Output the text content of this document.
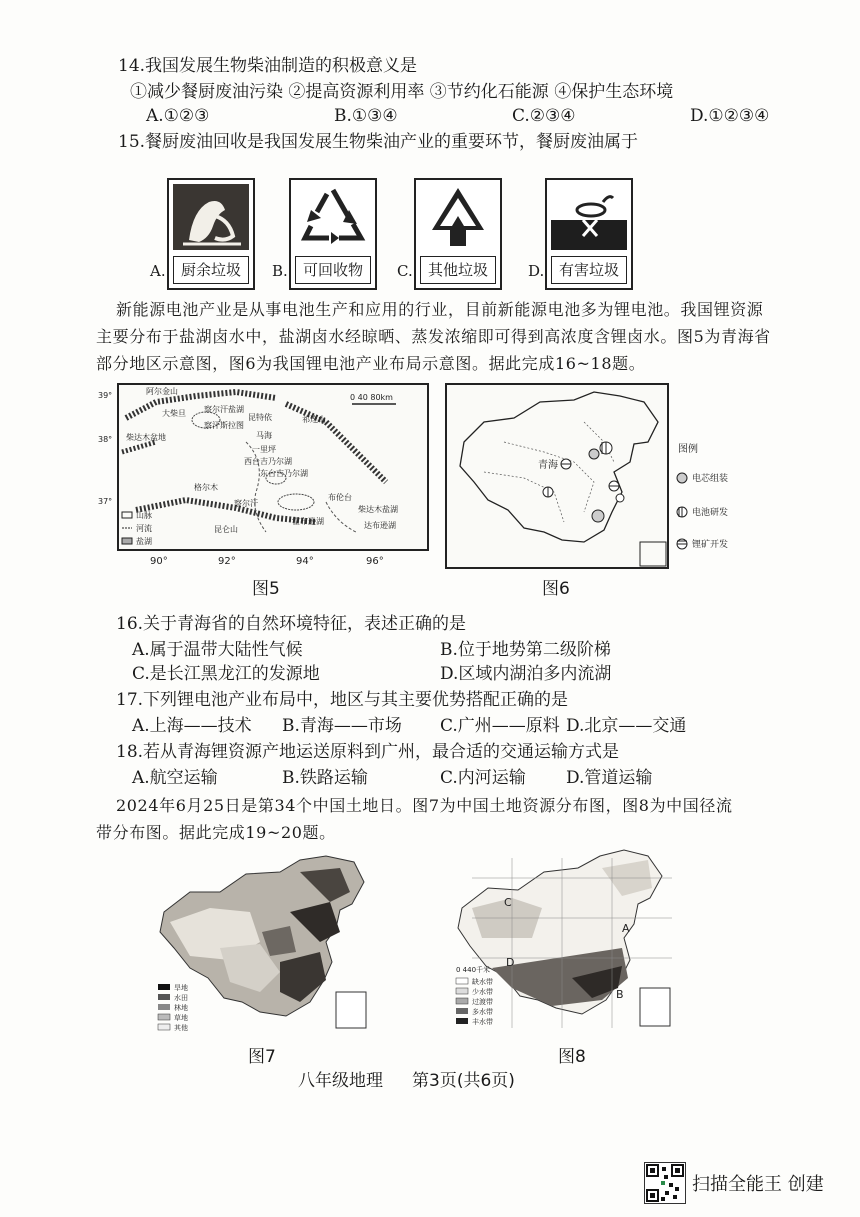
14.我国发展生物柴油制造的积极意义是
①减少餐厨废油污染 ②提高资源利用率 ③节约化石能源 ④保护生态环境
A.①②③	B.①③④	C.②③④	D.①②③④
15.餐厨废油回收是我国发展生物柴油产业的重要环节，餐厨废油属于
A.	厨余垃圾	B.	可回收物	C.	其他垃圾	D. 有害垃圾
新能源电池产业是从事电池生产和应用的行业，目前新能源电池多为锂电池。我国锂资源
主要分布于盐湖卤水中，盐湖卤水经晾晒、蒸发浓缩即可得到高浓度含锂卤水。图5为青海省
部分地区示意图，图6为我国锂电池产业布局示意图。据此完成16~18题。
39°
38°
37°
90°	92°	94°	96°
0 40 80km
阿尔金山
大柴旦 察尔汗盐湖
祁连山
柴达木盆地
察汗斯拉图
马海
昆特依
一里坪
西台吉乃尔湖
东台吉乃尔湖
察尔汗
格尔木
昆仑山
布伦台
霍布逊湖
柴达木盐湖
达布逊湖
山脉
河流
盐湖
图5
青海
图例
电芯组装
电池研发
锂矿开发
图6
16.关于青海省的自然环境特征，表述正确的是
A.属于温带大陆性气候	B.位于地势第二级阶梯
C.是长江黑龙江的发源地	D.区域内湖泊多内流湖
17.下列锂电池产业布局中，地区与其主要优势搭配正确的是
A.上海——技术 B.青海——市场 C.广州——原料 D.北京——交通
18.若从青海锂资源产地运送原料到广州，最合适的交通运输方式是
A.航空运输	B.铁路运输	C.内河运输 D.管道运输
2024年6月25日是第34个中国土地日。图7为中国土地资源分布图，图8为中国径流
带分布图。据此完成19~20题。
旱地
水田
林地
草地
其他
图7
C
A
D
B
0 440千米
缺水带
少水带
过渡带
多水带
丰水带
图8
八年级地理 第3页(共6页)
扫描全能王 创建
